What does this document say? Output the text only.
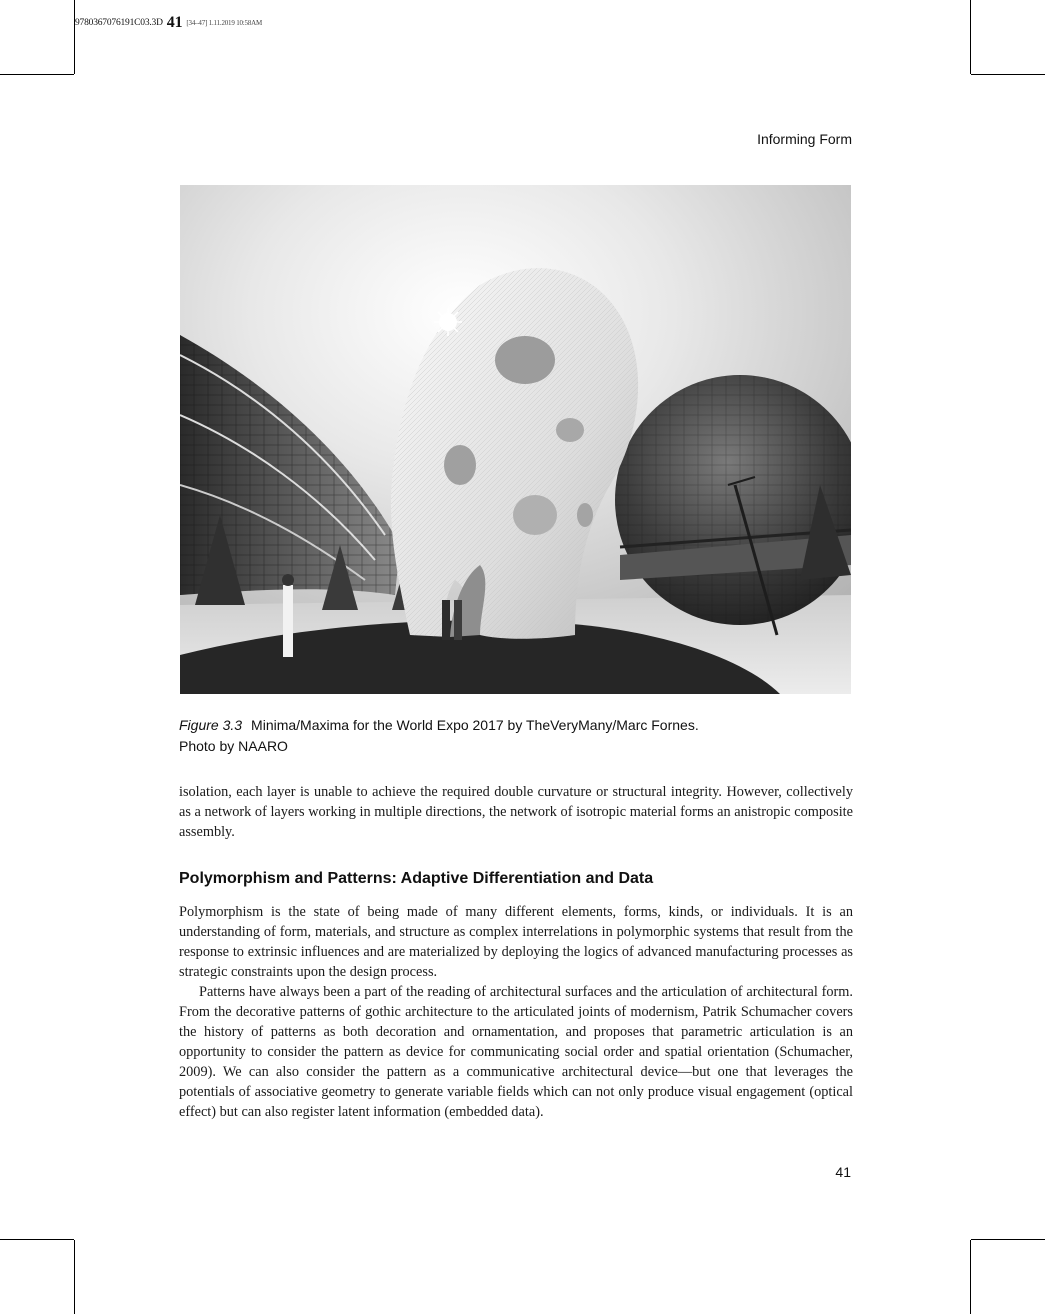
9780367076191C03.3D 41 [34–47] 1.11.2019 10:58AM
Informing Form
Figure 3.3 Minima/Maxima for the World Expo 2017 by TheVeryMany/Marc Fornes.
Photo by NAARO

isolation, each layer is unable to achieve the required double curvature or structural integrity. However, collectively as a network of layers working in multiple directions, the network of isotropic material forms an anistropic composite assembly.

Polymorphism and Patterns: Adaptive Differentiation and Data

Polymorphism is the state of being made of many different elements, forms, kinds, or individuals. It is an understanding of form, materials, and structure as complex interrelations in polymorphic systems that result from the response to extrinsic influences and are materialized by deploying the logics of advanced manufacturing processes as strategic constraints upon the design process.

Patterns have always been a part of the reading of architectural surfaces and the articulation of architectural form. From the decorative patterns of gothic architecture to the articulated joints of modernism, Patrik Schumacher covers the history of patterns as both decoration and ornamentation, and proposes that parametric articulation is an opportunity to consider the pattern as device for communicating social order and spatial orientation (Schumacher, 2009). We can also consider the pattern as a communicative architectural device—but one that leverages the potentials of associative geometry to generate variable fields which can not only produce visual engagement (optical effect) but can also register latent information (embedded data).

41
